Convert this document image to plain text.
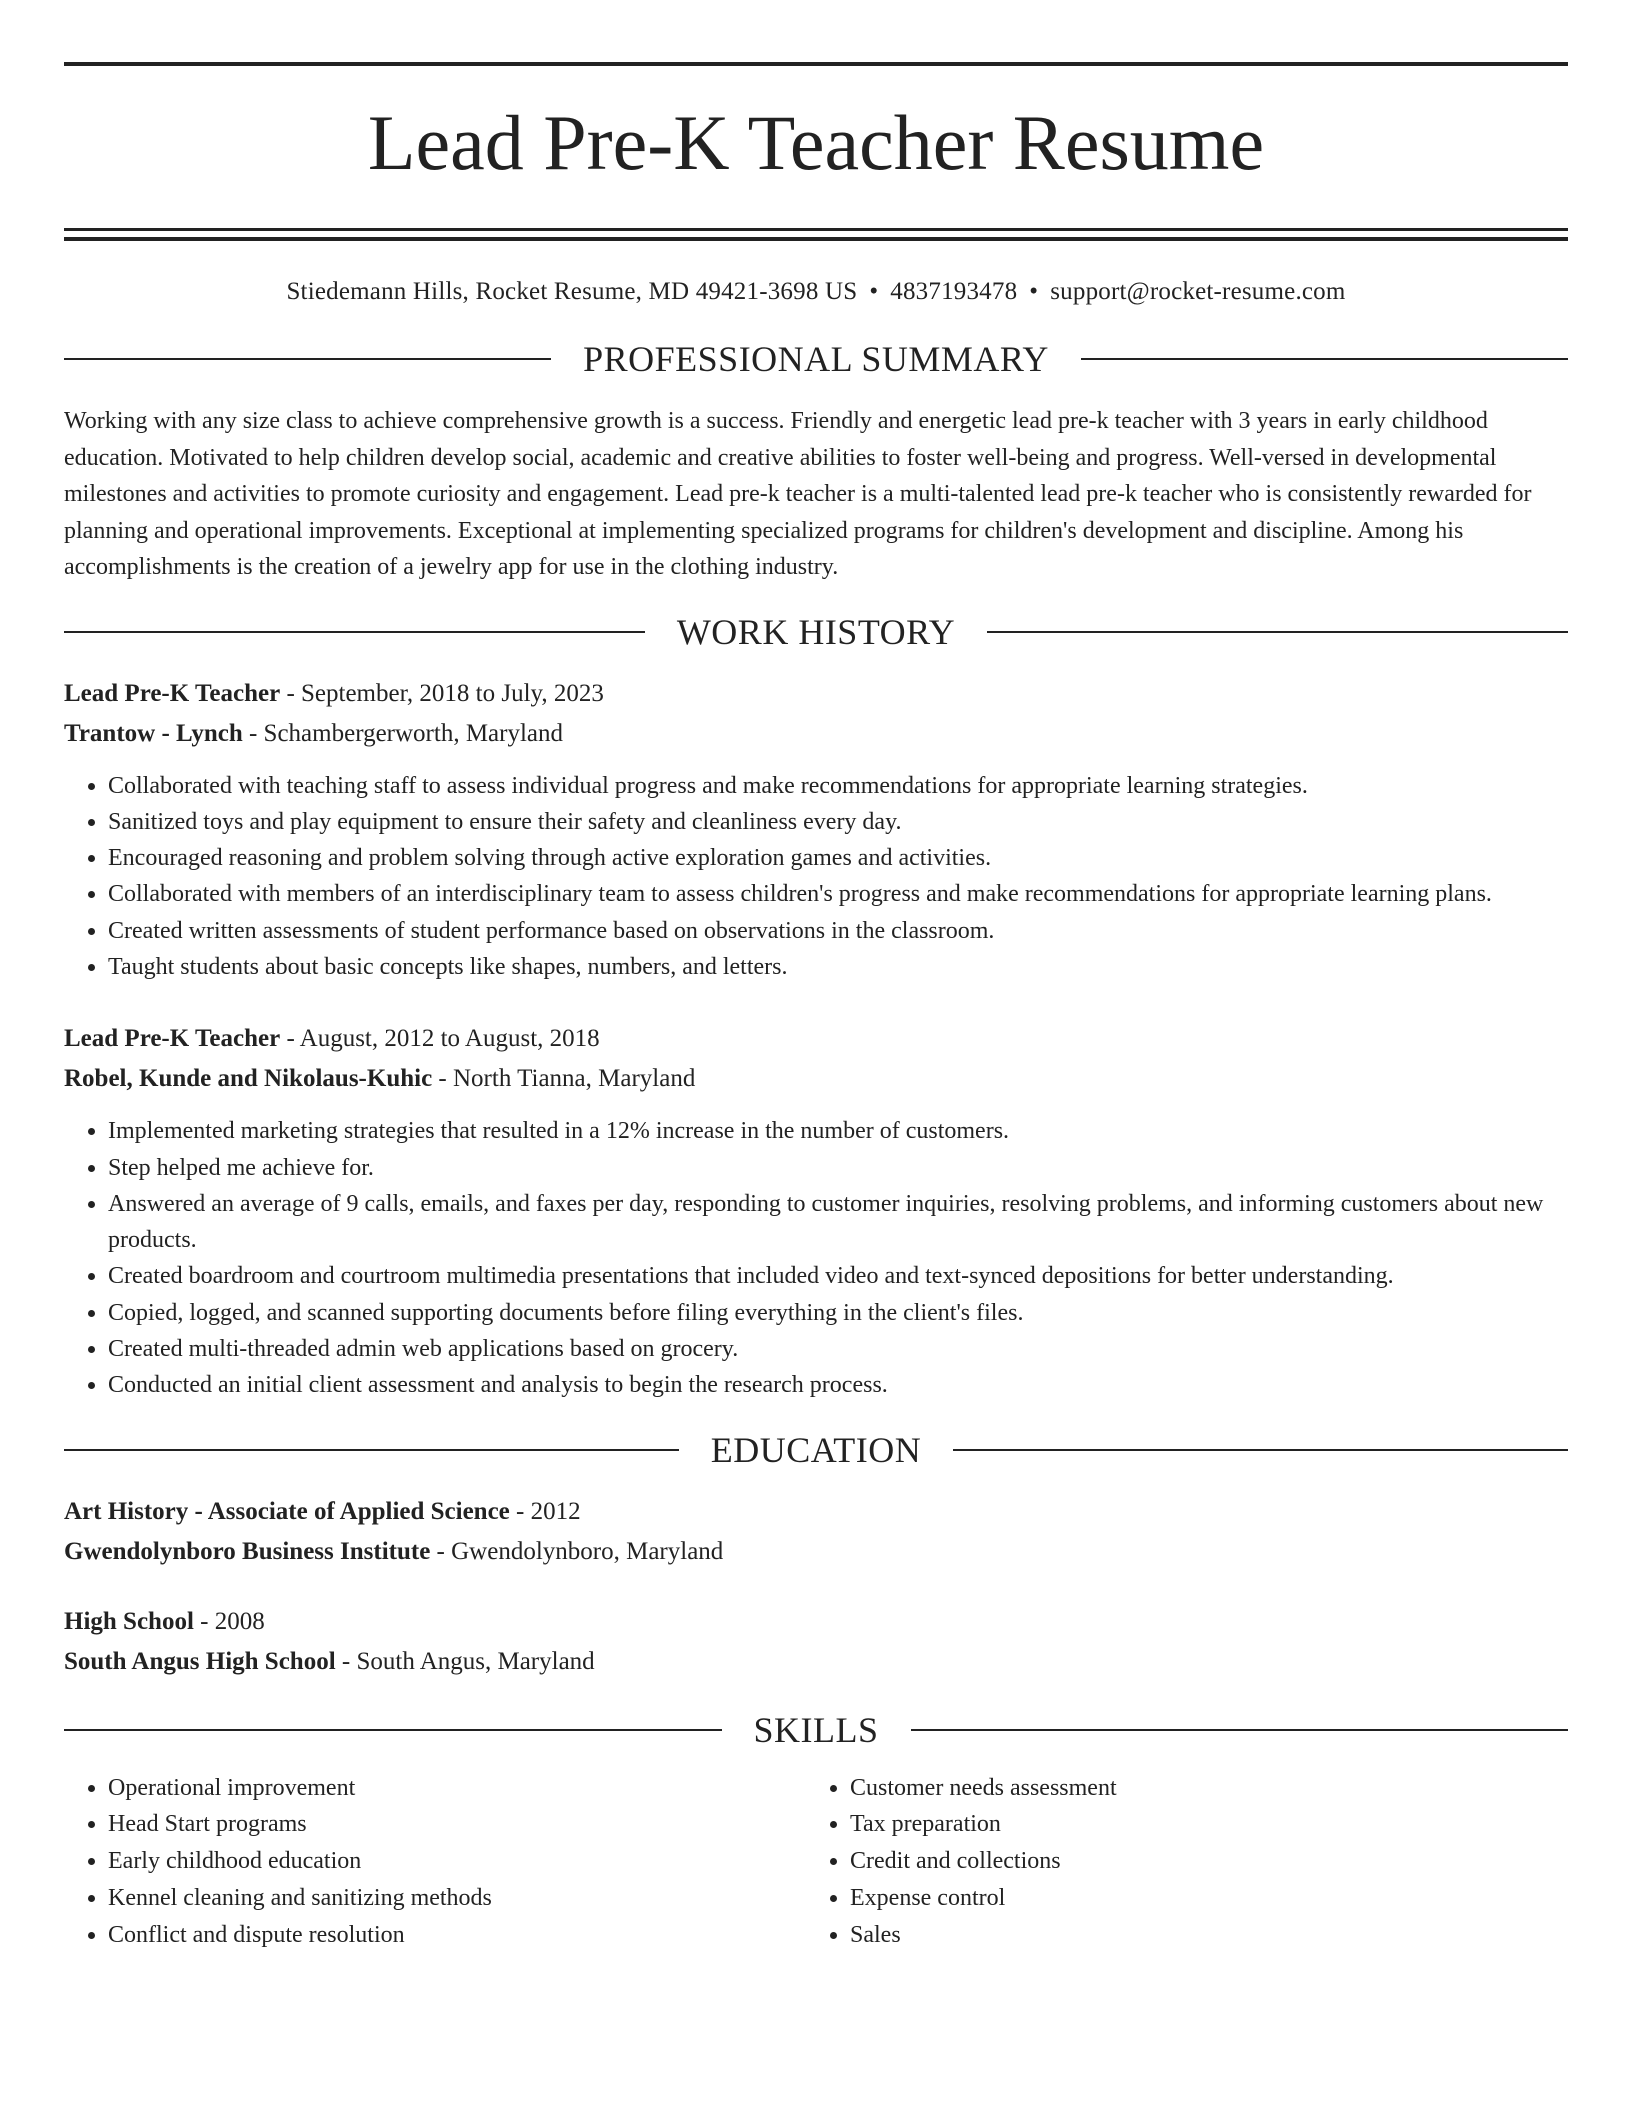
Lead Pre-K Teacher Resume
Stiedemann Hills, Rocket Resume, MD 49421-3698 US • 4837193478 • support@rocket-resume.com
PROFESSIONAL SUMMARY
Working with any size class to achieve comprehensive growth is a success. Friendly and energetic lead pre-k teacher with 3 years in early childhood education. Motivated to help children develop social, academic and creative abilities to foster well-being and progress. Well-versed in developmental milestones and activities to promote curiosity and engagement. Lead pre-k teacher is a multi-talented lead pre-k teacher who is consistently rewarded for planning and operational improvements. Exceptional at implementing specialized programs for children's development and discipline. Among his accomplishments is the creation of a jewelry app for use in the clothing industry.
WORK HISTORY
Lead Pre-K Teacher - September, 2018 to July, 2023
Trantow - Lynch - Schambergerworth, Maryland
• Collaborated with teaching staff to assess individual progress and make recommendations for appropriate learning strategies.
• Sanitized toys and play equipment to ensure their safety and cleanliness every day.
• Encouraged reasoning and problem solving through active exploration games and activities.
• Collaborated with members of an interdisciplinary team to assess children's progress and make recommendations for appropriate learning plans.
• Created written assessments of student performance based on observations in the classroom.
• Taught students about basic concepts like shapes, numbers, and letters.
Lead Pre-K Teacher - August, 2012 to August, 2018
Robel, Kunde and Nikolaus-Kuhic - North Tianna, Maryland
• Implemented marketing strategies that resulted in a 12% increase in the number of customers.
• Step helped me achieve for.
• Answered an average of 9 calls, emails, and faxes per day, responding to customer inquiries, resolving problems, and informing customers about new products.
• Created boardroom and courtroom multimedia presentations that included video and text-synced depositions for better understanding.
• Copied, logged, and scanned supporting documents before filing everything in the client's files.
• Created multi-threaded admin web applications based on grocery.
• Conducted an initial client assessment and analysis to begin the research process.
EDUCATION
Art History - Associate of Applied Science - 2012
Gwendolynboro Business Institute - Gwendolynboro, Maryland
High School - 2008
South Angus High School - South Angus, Maryland
SKILLS
• Operational improvement
• Head Start programs
• Early childhood education
• Kennel cleaning and sanitizing methods
• Conflict and dispute resolution
• Customer needs assessment
• Tax preparation
• Credit and collections
• Expense control
• Sales
